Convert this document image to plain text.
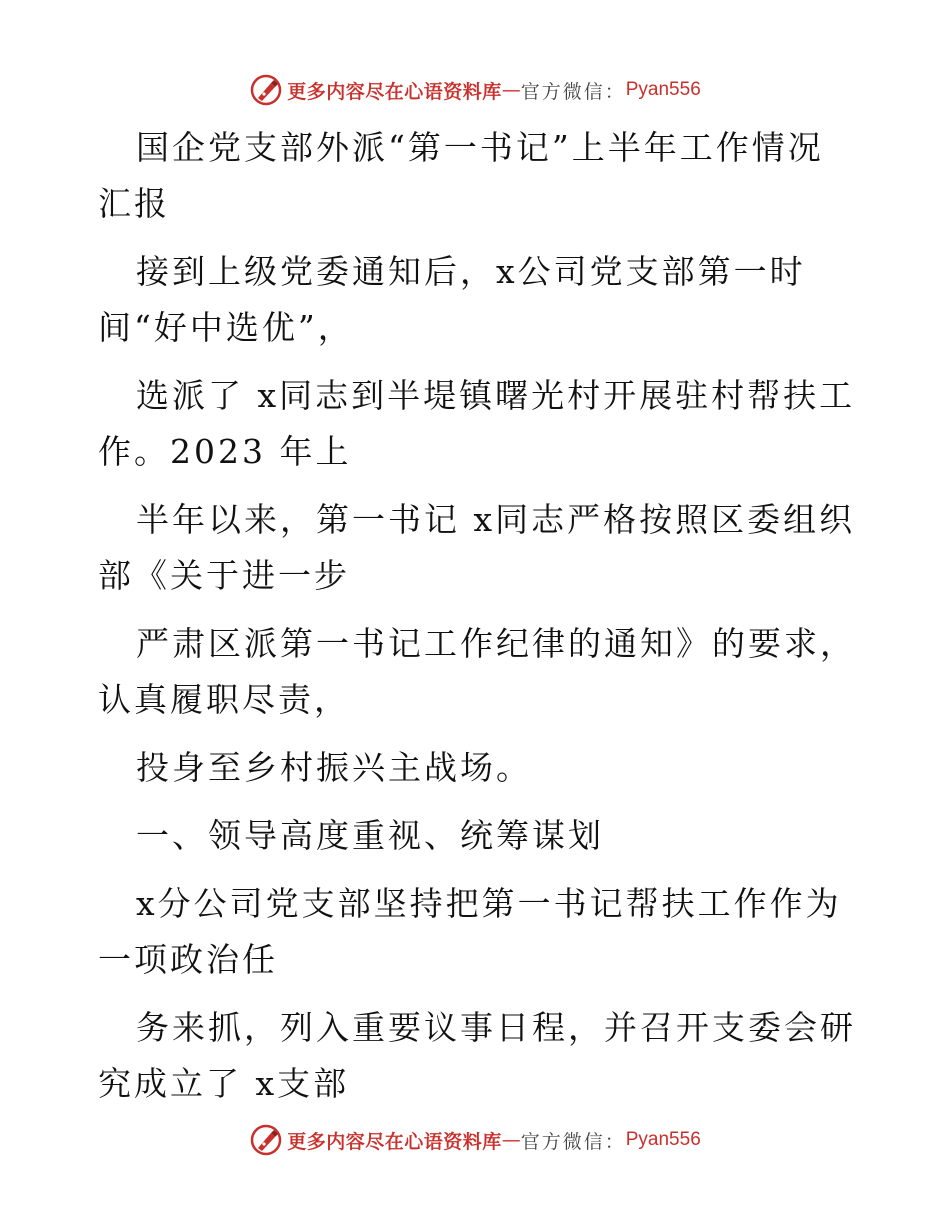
更多内容尽在心语资料库 — 官方微信： Pyan556

国企党支部外派“第一书记”上半年工作情况汇报

接到上级党委通知后，x公司党支部第一时
间“好中选优”，

选派了 x同志到半堤镇曙光村开展驻村帮扶工作。2023 年上

半年以来，第一书记 x同志严格按照区委组织部《关于进一步

严肃区派第一书记工作纪律的通知》的要求，认真履职尽责，

投身至乡村振兴主战场。

一、领导高度重视、统筹谋划

x分公司党支部坚持把第一书记帮扶工作作为一项政治任

务来抓，列入重要议事日程，并召开支委会研究成立了 x支部

更多内容尽在心语资料库 — 官方微信： Pyan556
